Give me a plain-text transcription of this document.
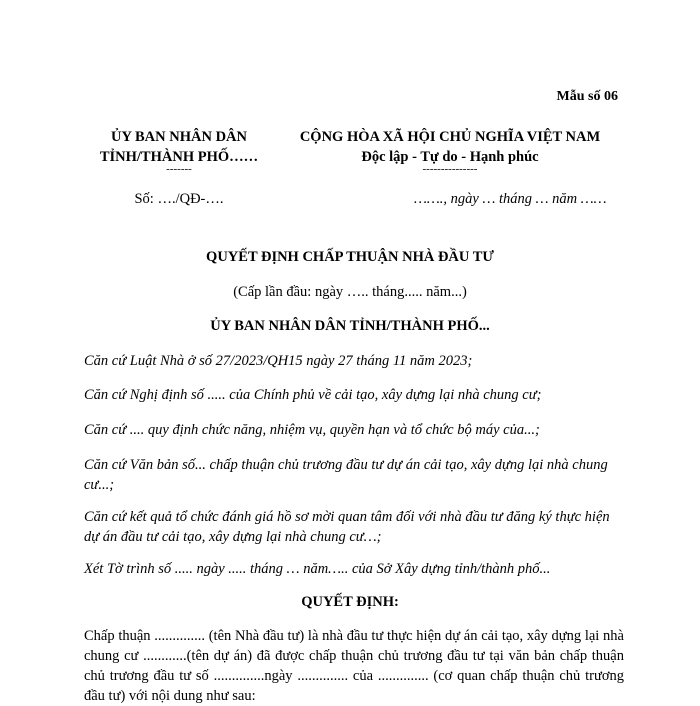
Mẫu số 06
ỦY BAN NHÂN DÂN
TỈNH/THÀNH PHỐ……
-------
Số: …./QĐ-….
CỘNG HÒA XÃ HỘI CHỦ NGHĨA VIỆT NAM
Độc lập - Tự do - Hạnh phúc
---------------
……., ngày … tháng … năm ……
QUYẾT ĐỊNH CHẤP THUẬN NHÀ ĐẦU TƯ
(Cấp lần đầu: ngày ….. tháng..... năm...)
ỦY BAN NHÂN DÂN TỈNH/THÀNH PHỐ...
Căn cứ Luật Nhà ở số 27/2023/QH15 ngày 27 tháng 11 năm 2023;
Căn cứ Nghị định số ..... của Chính phủ về cải tạo, xây dựng lại nhà chung cư;
Căn cứ .... quy định chức năng, nhiệm vụ, quyền hạn và tổ chức bộ máy của...;
Căn cứ Văn bản số... chấp thuận chủ trương đầu tư dự án cải tạo, xây dựng lại nhà chung cư...;
Căn cứ kết quả tổ chức đánh giá hồ sơ mời quan tâm đối với nhà đầu tư đăng ký thực hiện dự án đầu tư cải tạo, xây dựng lại nhà chung cư…;
Xét Tờ trình số ..... ngày ..... tháng … năm….. của Sở Xây dựng tỉnh/thành phố...
QUYẾT ĐỊNH:
Chấp thuận .............. (tên Nhà đầu tư) là nhà đầu tư thực hiện dự án cải tạo, xây dựng lại nhà chung cư ............(tên dự án) đã được chấp thuận chủ trương đầu tư tại văn bản chấp thuận chủ trương đầu tư số ..............ngày .............. của .............. (cơ quan chấp thuận chủ trương đầu tư) với nội dung như sau:
